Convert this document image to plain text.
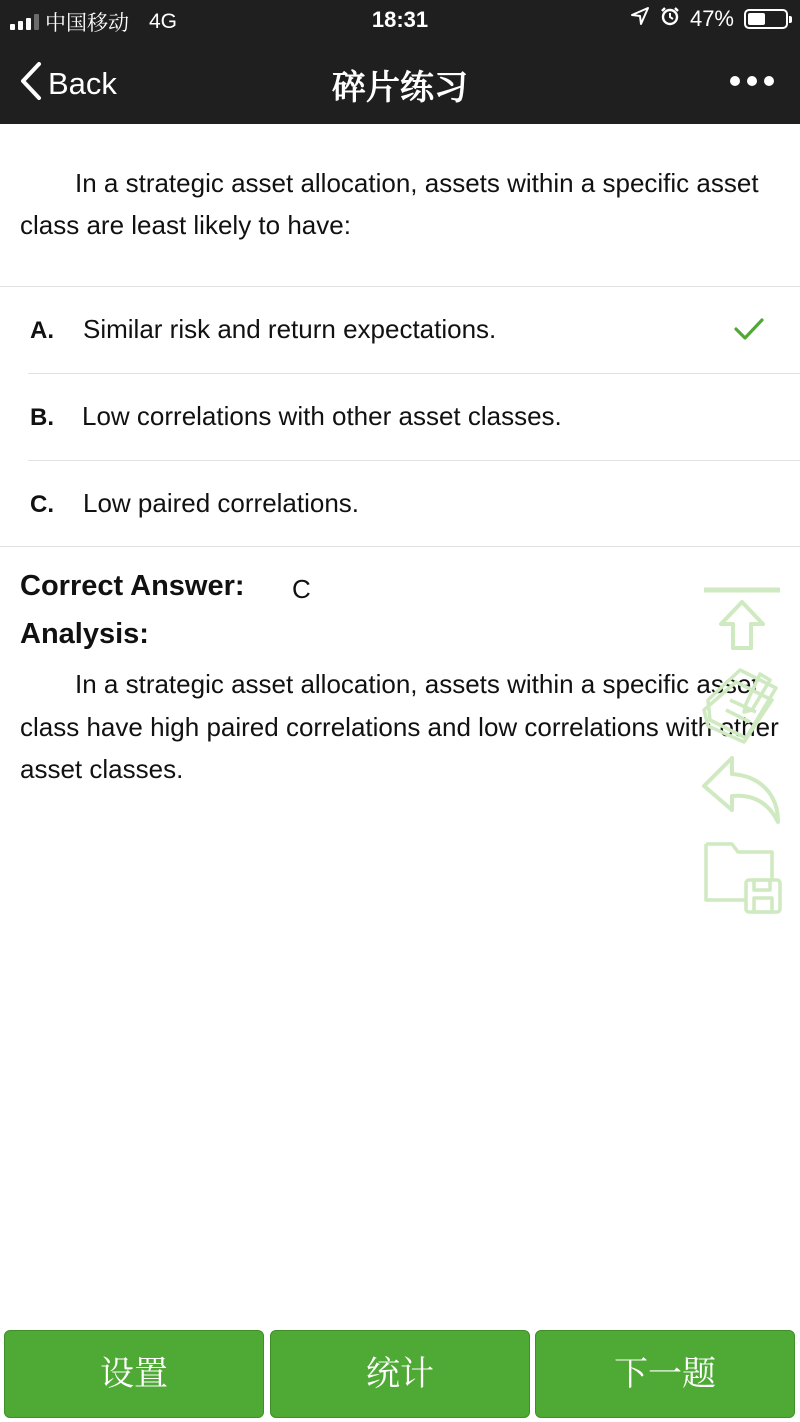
中国移动 4G	18:31	47%
Back	碎片练习
In a strategic asset allocation, assets within a specific asset class are least likely to have:
A. Similar risk and return expectations.
B. Low correlations with other asset classes.
C. Low paired correlations.
Correct Answer: C
Analysis:
In a strategic asset allocation, assets within a specific asset class have high paired correlations and low correlations with other asset classes.
设置	统计	下一题
